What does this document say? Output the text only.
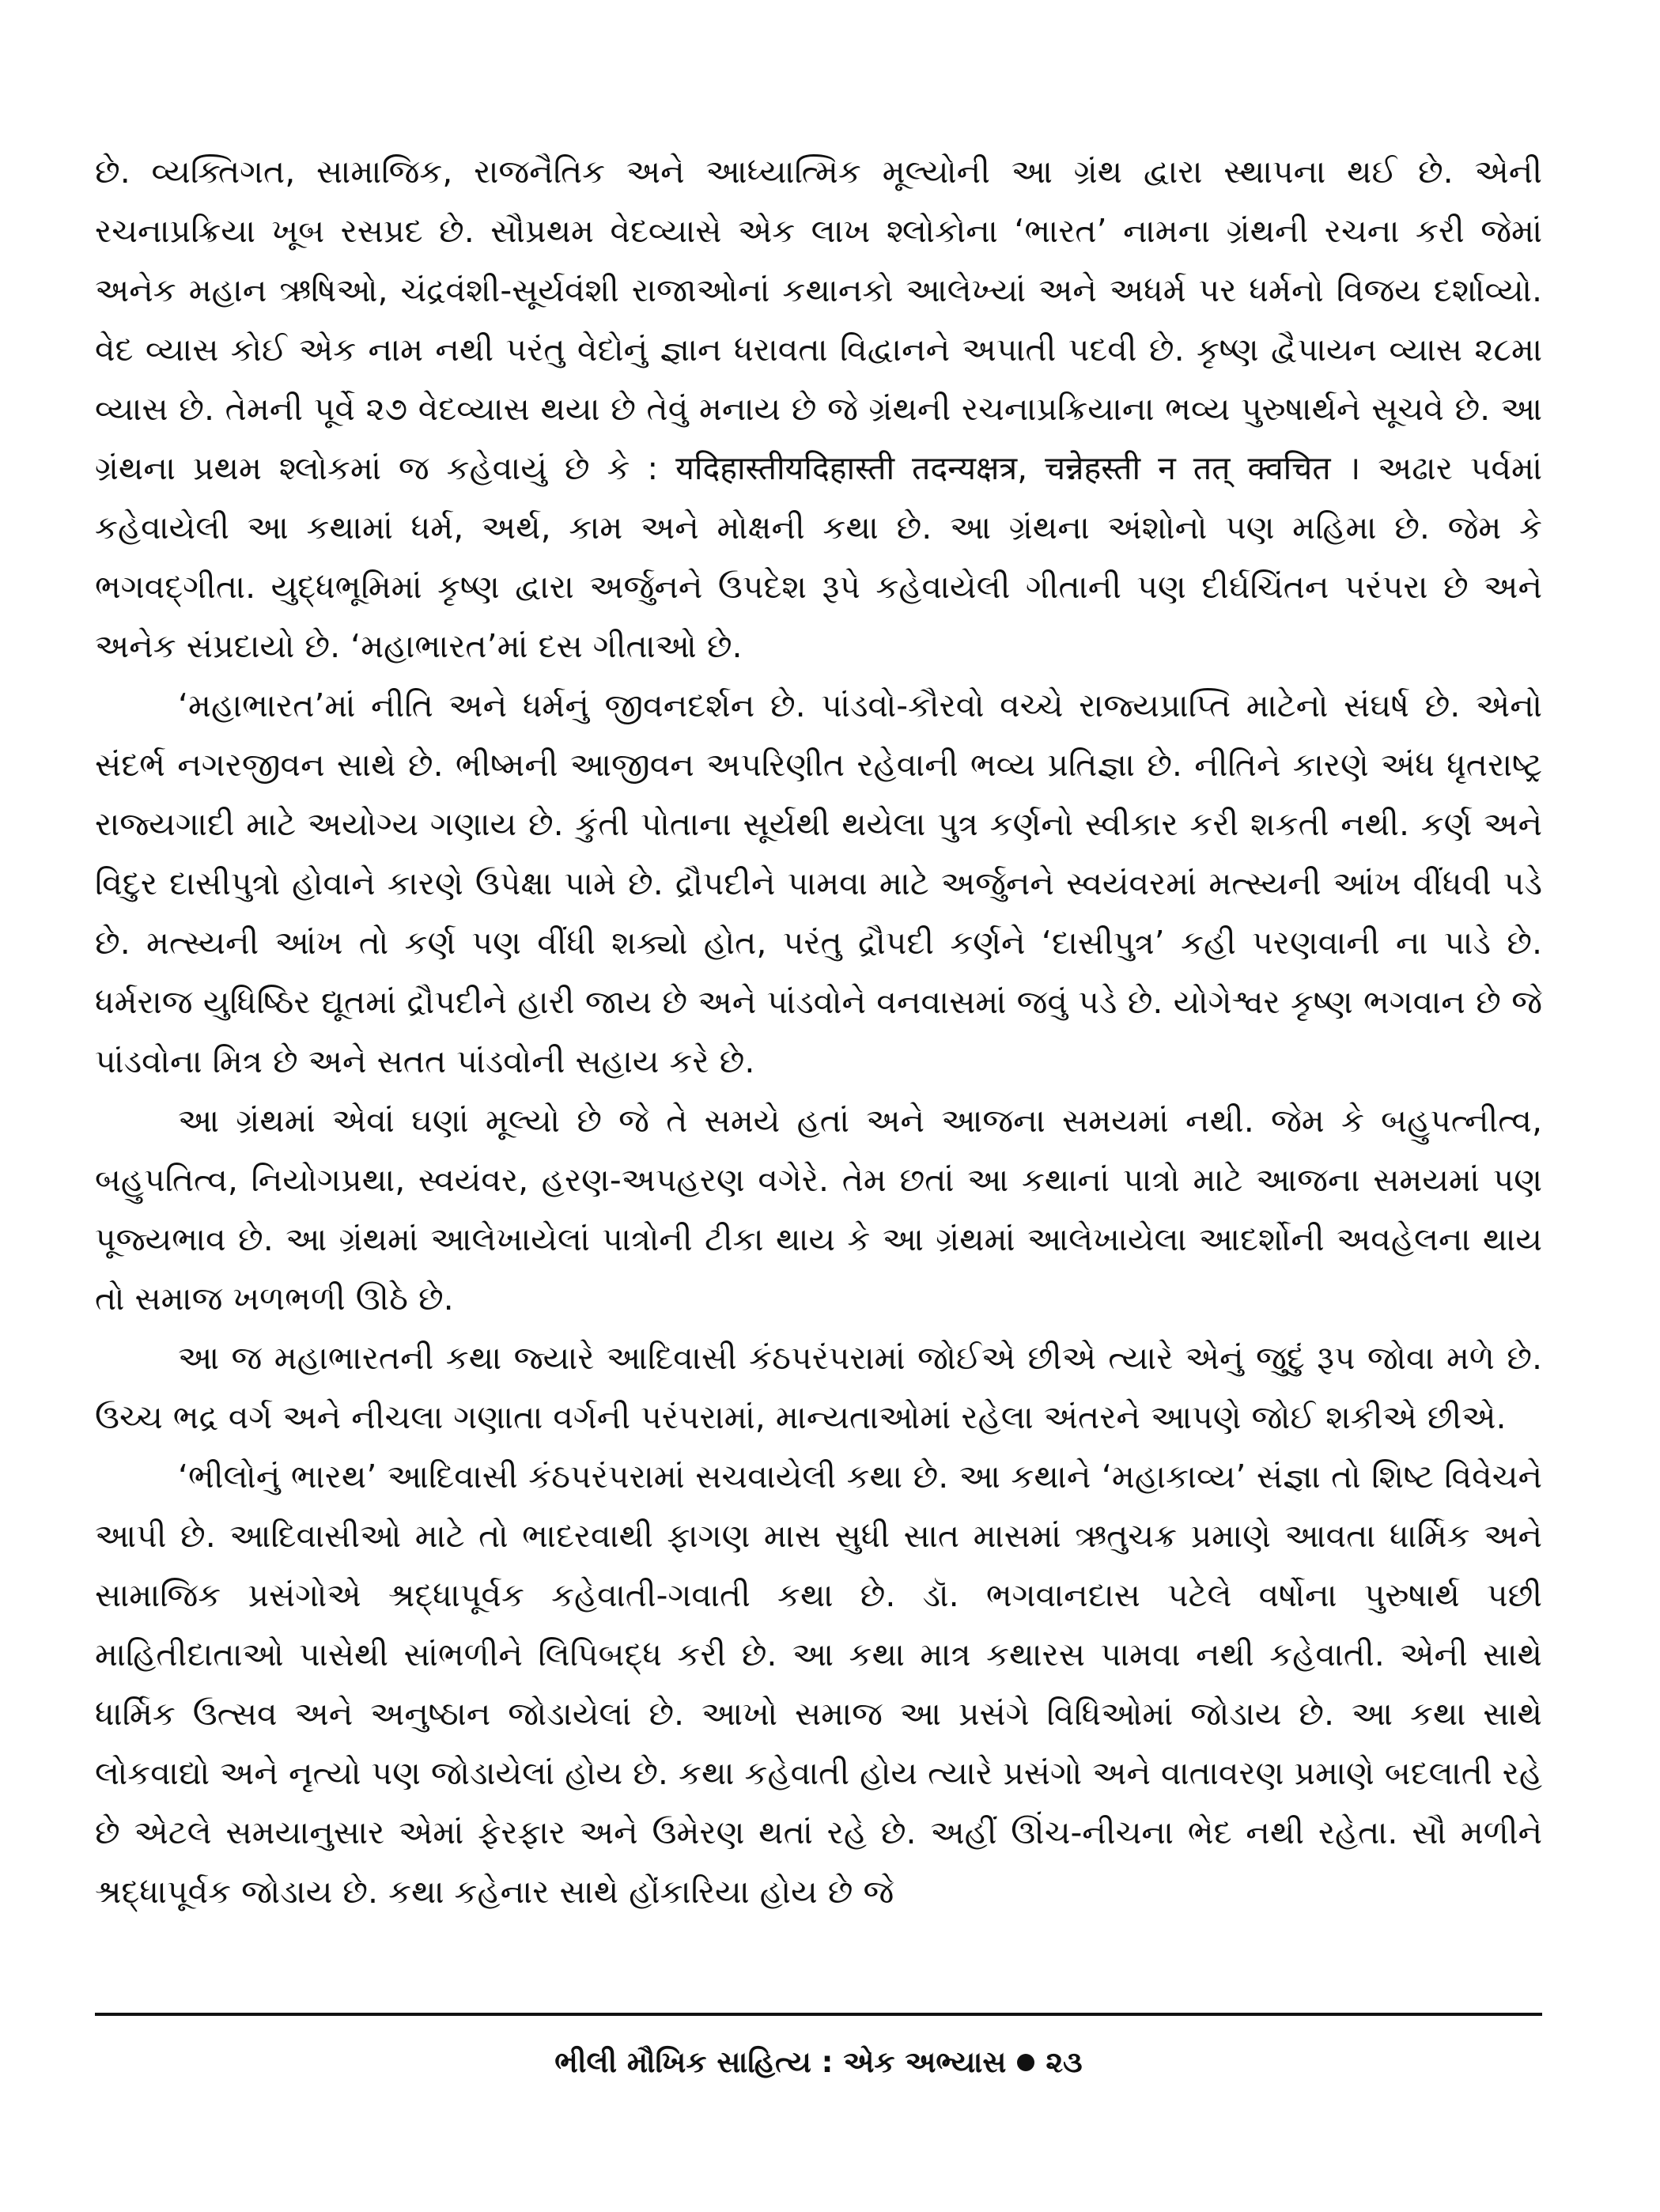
છે. વ્યક્તિગત, સામાજિક, રાજનૈતિક અને આધ્યાત્મિક મૂલ્યોની આ ગ્રંથ દ્વારા સ્થાપના થઈ છે. એની રચનાપ્રક્રિયા ખૂબ રસપ્રદ છે. સૌપ્રથમ વેદવ્યાસે એક લાખ શ્લોકોના ‘ભારત’ નામના ગ્રંથની રચના કરી જેમાં અનેક મહાન ઋષિઓ, ચંદ્રવંશી-સૂર્યવંશી રાજાઓનાં કથાનકો આલેખ્યાં અને અધર્મ પર ધર્મનો વિજય દર્શાવ્યો. વેદ વ્યાસ કોઈ એક નામ નથી પરંતુ વેદોનું જ્ઞાન ધરાવતા વિદ્વાનને અપાતી પદવી છે. કૃષ્ણ દ્વૈપાયન વ્યાસ ૨૮મા વ્યાસ છે. તેમની પૂર્વે ૨૭ વેદવ્યાસ થયા છે તેવું મનાય છે જે ગ્રંથની રચનાપ્રક્રિયાના ભવ્ય પુરુષાર્થને સૂચવે છે. આ ગ્રંથના પ્રથમ શ્લોકમાં જ કહેવાયું છે કે : यदिहास्तीयदिहास्ती तदन्यक्षत्र, चन्नेहस्ती न तत् क्वचित । અઢાર પર્વમાં કહેવાયેલી આ કથામાં ધર્મ, અર્થ, કામ અને મોક્ષની કથા છે. આ ગ્રંથના અંશોનો પણ મહિમા છે. જેમ કે ભગવદ્‌ગીતા. યુદ્ધભૂમિમાં કૃષ્ણ દ્વારા અર્જુનને ઉપદેશ રૂપે કહેવાયેલી ગીતાની પણ દીર્ઘચિંતન પરંપરા છે અને અનેક સંપ્રદાયો છે. ‘મહાભારત’માં દસ ગીતાઓ છે.

‘મહાભારત’માં નીતિ અને ધર્મનું જીવનદર્શન છે. પાંડવો-કૌરવો વચ્ચે રાજ્યપ્રાપ્તિ માટેનો સંઘર્ષ છે. એનો સંદર્ભ નગરજીવન સાથે છે. ભીષ્મની આજીવન અપરિણીત રહેવાની ભવ્ય પ્રતિજ્ઞા છે. નીતિને કારણે અંધ ધૃતરાષ્ટ્ર રાજ્યગાદી માટે અયોગ્ય ગણાય છે. કુંતી પોતાના સૂર્યથી થયેલા પુત્ર કર્ણનો સ્વીકાર કરી શકતી નથી. કર્ણ અને વિદુર દાસીપુત્રો હોવાને કારણે ઉપેક્ષા પામે છે. દ્રૌપદીને પામવા માટે અર્જુનને સ્વયંવરમાં મત્સ્યની આંખ વીંધવી પડે છે. મત્સ્યની આંખ તો કર્ણ પણ વીંધી શક્યો હોત, પરંતુ દ્રૌપદી કર્ણને ‘દાસીપુત્ર’ કહી પરણવાની ના પાડે છે. ધર્મરાજ યુધિષ્ઠિર દ્યૂતમાં દ્રૌપદીને હારી જાય છે અને પાંડવોને વનવાસમાં જવું પડે છે. યોગેશ્વર કૃષ્ણ ભગવાન છે જે પાંડવોના મિત્ર છે અને સતત પાંડવોની સહાય કરે છે.

આ ગ્રંથમાં એવાં ઘણાં મૂલ્યો છે જે તે સમયે હતાં અને આજના સમયમાં નથી. જેમ કે બહુપત્નીત્વ, બહુપતિત્વ, નિયોગપ્રથા, સ્વયંવર, હરણ-અપહરણ વગેરે. તેમ છતાં આ કથાનાં પાત્રો માટે આજના સમયમાં પણ પૂજ્યભાવ છે. આ ગ્રંથમાં આલેખાયેલાં પાત્રોની ટીકા થાય કે આ ગ્રંથમાં આલેખાયેલા આદર્શોની અવહેલના થાય તો સમાજ ખળભળી ઊઠે છે.

આ જ મહાભારતની કથા જ્યારે આદિવાસી કંઠપરંપરામાં જોઈએ છીએ ત્યારે એનું જુદું રૂપ જોવા મળે છે. ઉચ્ચ ભદ્ર વર્ગ અને નીચલા ગણાતા વર્ગની પરંપરામાં, માન્યતાઓમાં રહેલા અંતરને આપણે જોઈ શકીએ છીએ.

‘ભીલોનું ભારથ’ આદિવાસી કંઠપરંપરામાં સચવાયેલી કથા છે. આ કથાને ‘મહાકાવ્ય’ સંજ્ઞા તો શિષ્ટ વિવેચને આપી છે. આદિવાસીઓ માટે તો ભાદરવાથી ફાગણ માસ સુધી સાત માસમાં ઋતુચક્ર પ્રમાણે આવતા ધાર્મિક અને સામાજિક પ્રસંગોએ શ્રદ્ધાપૂર્વક કહેવાતી-ગવાતી કથા છે. ડૉ. ભગવાનદાસ પટેલે વર્ષોના પુરુષાર્થ પછી માહિતીદાતાઓ પાસેથી સાંભળીને લિપિબદ્ધ કરી છે. આ કથા માત્ર કથારસ પામવા નથી કહેવાતી. એની સાથે ધાર્મિક ઉત્સવ અને અનુષ્ઠાન જોડાયેલાં છે. આખો સમાજ આ પ્રસંગે વિધિઓમાં જોડાય છે. આ કથા સાથે લોકવાદ્યો અને નૃત્યો પણ જોડાયેલાં હોય છે. કથા કહેવાતી હોય ત્યારે પ્રસંગો અને વાતાવરણ પ્રમાણે બદલાતી રહે છે એટલે સમયાનુસાર એમાં ફેરફાર અને ઉમેરણ થતાં રહે છે. અહીં ઊંચ-નીચના ભેદ નથી રહેતા. સૌ મળીને શ્રદ્ધાપૂર્વક જોડાય છે. કથા કહેનાર સાથે હોંકારિયા હોય છે જે

ભીલી મૌખિક સાહિત્ય : એક અભ્યાસ ૨૩
